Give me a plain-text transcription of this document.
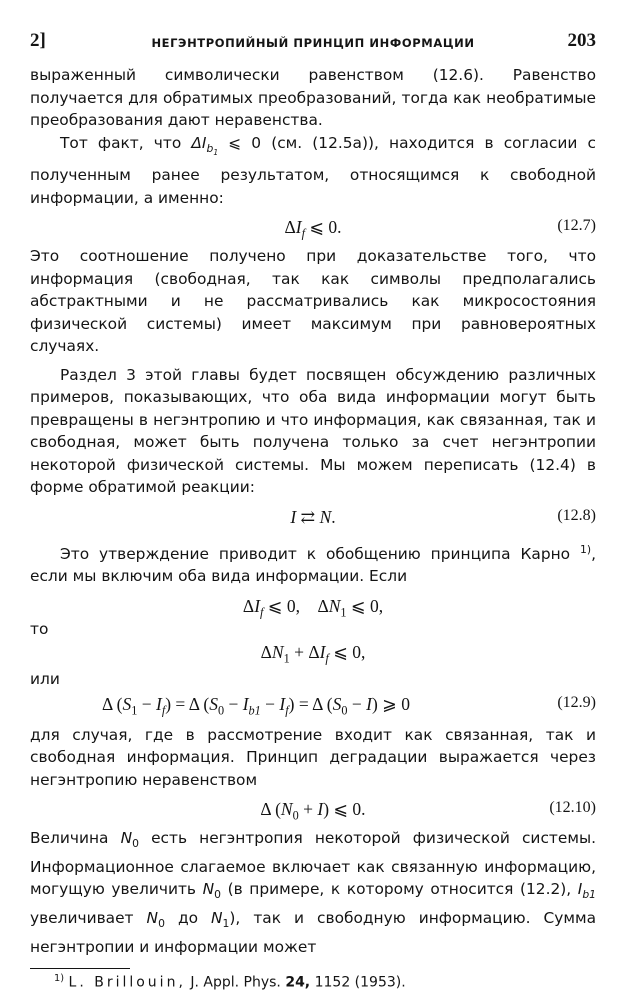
2]	НЕГЭНТРОПИЙНЫЙ ПРИНЦИП ИНФОРМАЦИИ	203

выраженный символически равенством (12.6). Равенство получается для обратимых преобразований, тогда как необратимые преобразования дают неравенства.

Тот факт, что $\Delta I_{b_1}$ ⩽ 0 (см. (12.5а)), находится в согласии с полученным ранее результатом, относящимся к свободной информации, а именно:

$\Delta I_f$ ⩽ 0.	(12.7)

Это соотношение получено при доказательстве того, что информация (свободная, так как символы предполагались абстрактными и не рассматривались как микросостояния физической системы) имеет максимум при равновероятных случаях.

Раздел 3 этой главы будет посвящен обсуждению различных примеров, показывающих, что оба вида информации могут быть превращены в негэнтропию и что информация, как связанная, так и свободная, может быть получена только за счет негэнтропии некоторой физической системы. Мы можем переписать (12.4) в форме обратимой реакции:

I ⇄ N.	(12.8)

Это утверждение приводит к обобщению принципа Карно $^{1)}$, если мы включим оба вида информации. Если

$\Delta I_f$ ⩽ 0,    $\Delta N_1$ ⩽ 0,
то
$\Delta N_1 + \Delta I_f$ ⩽ 0,
или
Δ $(S_1 - I_f) = \Delta$ $(S_0 - I_{b1} - I_f) = \Delta$ $(S_0 - I)$ ⩾ 0	(12.9)

для случая, где в рассмотрение входит как связанная, так и свободная информация. Принцип деградации выражается через негэнтропию неравенством

Δ $(N_0 + I)$ ⩽ 0.	(12.10)

Величина $N_0$ есть негэнтропия некоторой физической системы. Информационное слагаемое включает как связанную информацию, могущую увеличить $N_0$ (в примере, к которому относится (12.2), $I_{b1}$ увеличивает $N_0$ до $N_1$), так и свободную информацию. Сумма негэнтропии и информации может

$^{1)}$ L. Brillouin, J. Appl. Phys. 24, 1152 (1953).
